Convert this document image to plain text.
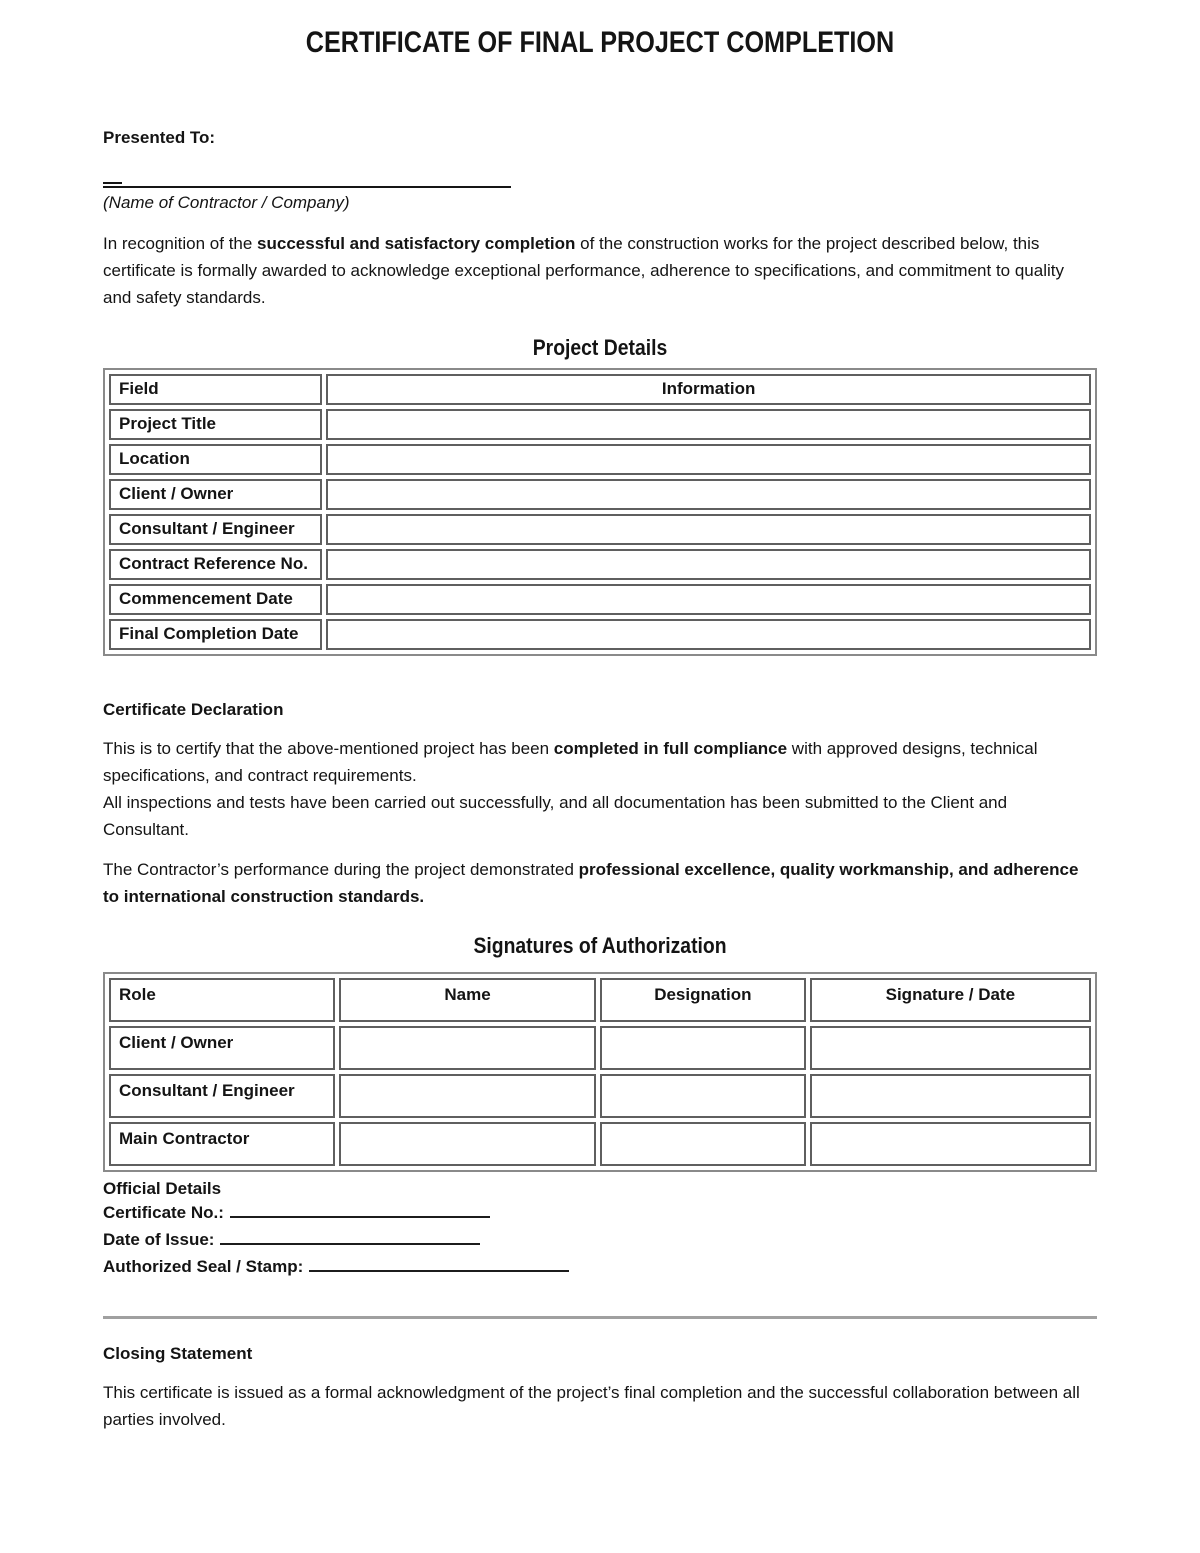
CERTIFICATE OF FINAL PROJECT COMPLETION

Presented To:

(Name of Contractor / Company)

In recognition of the successful and satisfactory completion of the construction works for the project described below, this certificate is formally awarded to acknowledge exceptional performance, adherence to specifications, and commitment to quality and safety standards.

Project Details
Field	Information
Project Title	
Location	
Client / Owner	
Consultant / Engineer	
Contract Reference No.	
Commencement Date	
Final Completion Date	
Certificate Declaration

This is to certify that the above-mentioned project has been completed in full compliance with approved designs, technical specifications, and contract requirements.
All inspections and tests have been carried out successfully, and all documentation has been submitted to the Client and Consultant.

The Contractor’s performance during the project demonstrated professional excellence, quality workmanship, and adherence to international construction standards.

Signatures of Authorization
Role	Name	Designation	Signature / Date
Client / Owner			
Consultant / Engineer			
Main Contractor			
Official Details
Certificate No.:
Date of Issue:
Authorized Seal / Stamp:
Closing Statement

This certificate is issued as a formal acknowledgment of the project’s final completion and the successful collaboration between all parties involved.
